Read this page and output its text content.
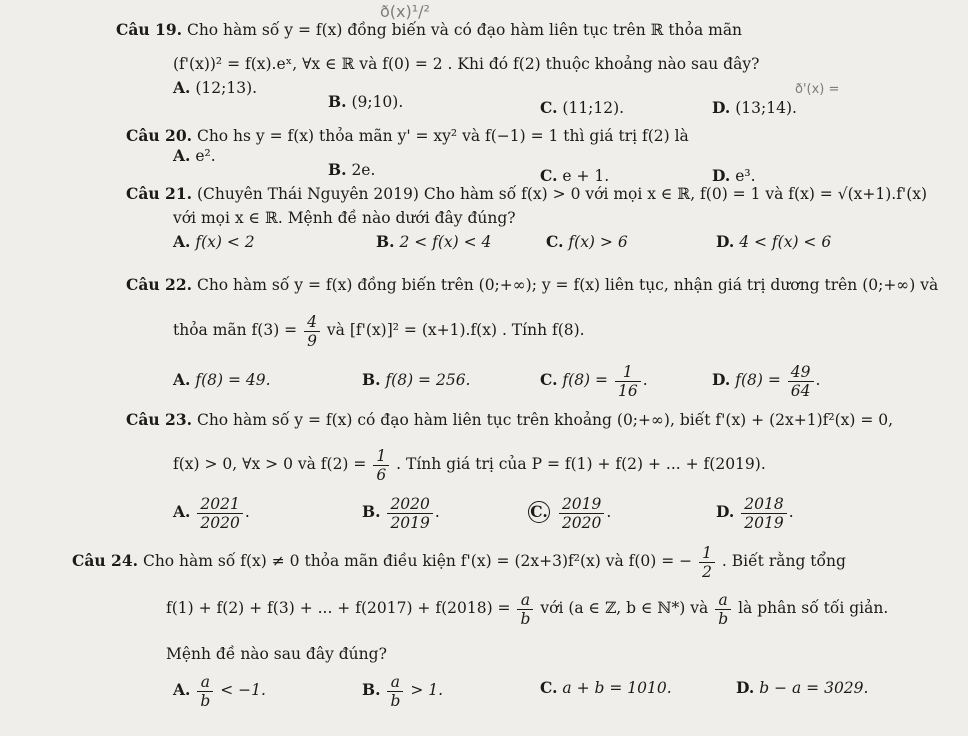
ð(x)¹/²
ð'(x) =
Câu 19. Cho hàm số y = f(x) đồng biến và có đạo hàm liên tục trên ℝ thỏa mãn
(f'(x))² = f(x).eˣ, ∀x ∈ ℝ và f(0) = 2 . Khi đó f(2) thuộc khoảng nào sau đây?
A. (12;13).
B. (9;10).	C. (11;12).	D. (13;14).
Câu 20. Cho hs y = f(x) thỏa mãn y' = xy² và f(−1) = 1 thì giá trị f(2) là
A. e².
B. 2e.	C. e + 1.	D. e³.
Câu 21. (Chuyên Thái Nguyên 2019) Cho hàm số f(x) > 0 với mọi x ∈ ℝ, f(0) = 1 và f(x) = √(x+1).f'(x)
với mọi x ∈ ℝ. Mệnh đề nào dưới đây đúng?
A. f(x) < 2	B. 2 < f(x) < 4	C. f(x) > 6	D. 4 < f(x) < 6
Câu 22. Cho hàm số y = f(x) đồng biến trên (0;+∞); y = f(x) liên tục, nhận giá trị dương trên (0;+∞) và
thỏa mãn $f(3) = \frac{4}{9}$ và [f'(x)]² = (x+1).f(x) . Tính f(8).
A. f(8) = 49.	B. f(8) = 256.	C. $f(8) = \frac{1}{16}$ .	D. $f(8) = \frac{49}{64}$ .
Câu 23. Cho hàm số y = f(x) có đạo hàm liên tục trên khoảng (0;+∞), biết f'(x) + (2x+1)f²(x) = 0,
f(x) > 0, ∀x > 0 và $f(2) = \frac{1}{6}$ . Tính giá trị của P = f(1) + f(2) + ... + f(2019).
A. $\frac{2021}{2020}$ .	B. $\frac{2020}{2019}$ .	C. $\frac{2019}{2020}$ .	D. $\frac{2018}{2019}$ .
Câu 24. Cho hàm số f(x) ≠ 0 thỏa mãn điều kiện f'(x) = (2x+3)f²(x) và f(0) = − $\frac{1}{2}$ . Biết rằng tổng
f(1) + f(2) + f(3) + ... + $f(2017) + f(2018) = \frac{a}{b}$ với (a ∈ ℤ, b ∈ ℕ*) và $\frac{a}{b}$ là phân số tối giản.
Mệnh đề nào sau đây đúng?
A. $\frac{a}{b} < -1$.	B. $\frac{a}{b} > 1$.	C. a + b = 1010.	D. b − a = 3029.
